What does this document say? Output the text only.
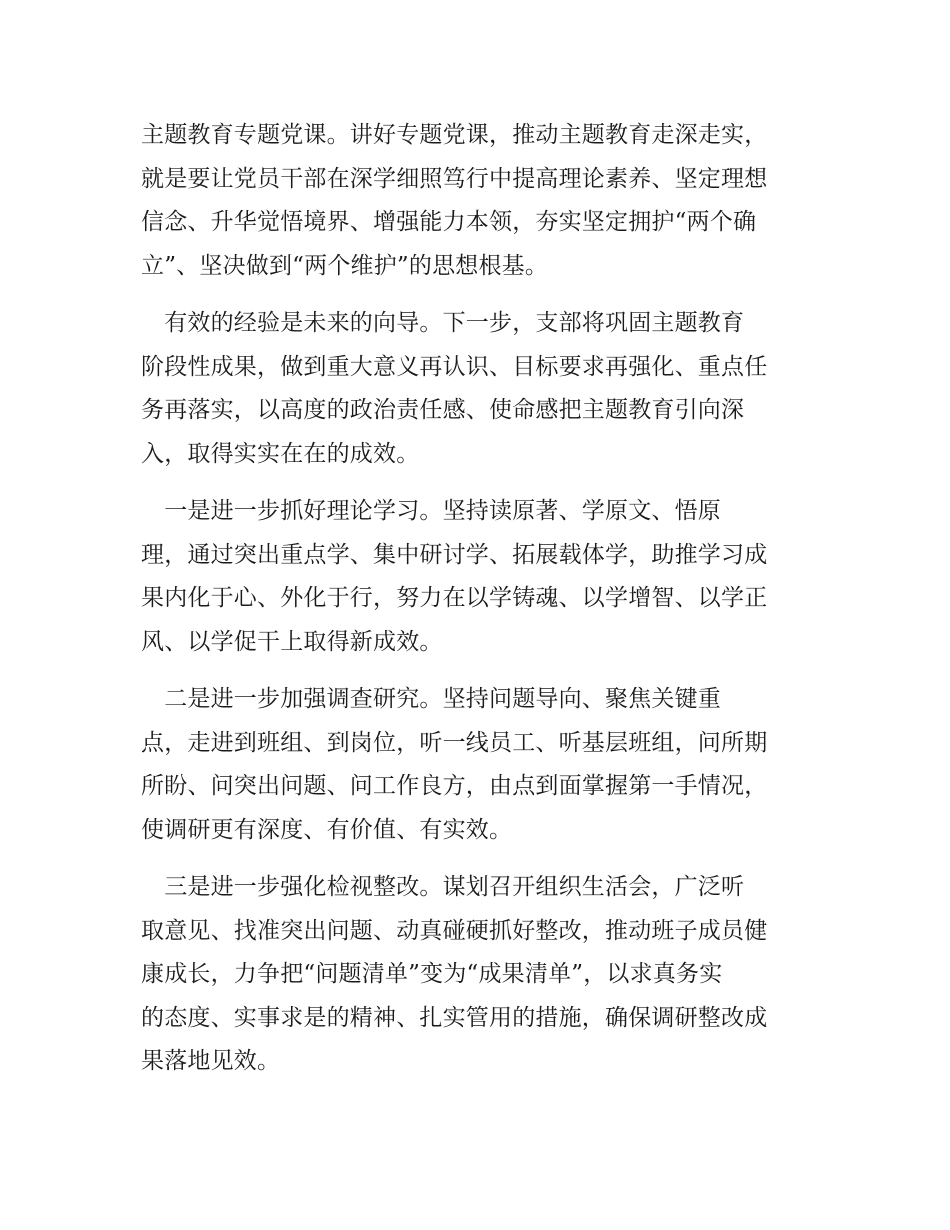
主题教育专题党课。讲好专题党课，推动主题教育走深走实，
就是要让党员干部在深学细照笃行中提高理论素养、坚定理想
信念、升华觉悟境界、增强能力本领，夯实坚定拥护“两个确
立”、坚决做到“两个维护”的思想根基。

　有效的经验是未来的向导。下一步，支部将巩固主题教育
阶段性成果，做到重大意义再认识、目标要求再强化、重点任
务再落实，以高度的政治责任感、使命感把主题教育引向深
入，取得实实在在的成效。

　一是进一步抓好理论学习。坚持读原著、学原文、悟原
理，通过突出重点学、集中研讨学、拓展载体学，助推学习成
果内化于心、外化于行，努力在以学铸魂、以学增智、以学正
风、以学促干上取得新成效。

　二是进一步加强调查研究。坚持问题导向、聚焦关键重
点，走进到班组、到岗位，听一线员工、听基层班组，问所期
所盼、问突出问题、问工作良方，由点到面掌握第一手情况，
使调研更有深度、有价值、有实效。

　三是进一步强化检视整改。谋划召开组织生活会，广泛听
取意见、找准突出问题、动真碰硬抓好整改，推动班子成员健
康成长，力争把“问题清单”变为“成果清单”，以求真务实
的态度、实事求是的精神、扎实管用的措施，确保调研整改成
果落地见效。
